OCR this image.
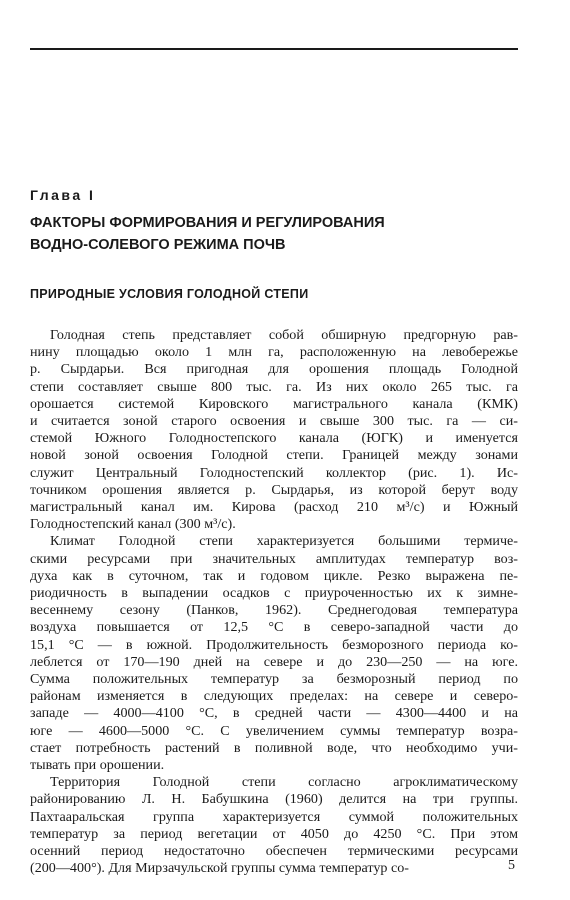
Глава I
ФАКТОРЫ ФОРМИРОВАНИЯ И РЕГУЛИРОВАНИЯ
ВОДНО-СОЛЕВОГО РЕЖИМА ПОЧВ
ПРИРОДНЫЕ УСЛОВИЯ ГОЛОДНОЙ СТЕПИ
Голодная степь представляет собой обширную предгорную рав-
нину площадью около 1 млн га, расположенную на левобережье
р. Сырдарьи. Вся пригодная для орошения площадь Голодной
степи составляет свыше 800 тыс. га. Из них около 265 тыс. га
орошается системой Кировского магистрального канала (КМК)
и считается зоной старого освоения и свыше 300 тыс. га — си-
стемой Южного Голодностепского канала (ЮГК) и именуется
новой зоной освоения Голодной степи. Границей между зонами
служит Центральный Голодностепский коллектор (рис. 1). Ис-
точником орошения является р. Сырдарья, из которой берут воду
магистральный канал им. Кирова (расход 210 м³/с) и Южный
Голодностепский канал (300 м³/с).
Климат Голодной степи характеризуется большими термиче-
скими ресурсами при значительных амплитудах температур воз-
духа как в суточном, так и годовом цикле. Резко выражена пе-
риодичность в выпадении осадков с приуроченностью их к зимне-
весеннему сезону (Панков, 1962). Среднегодовая температура
воздуха повышается от 12,5 °С в северо-западной части до
15,1 °С — в южной. Продолжительность безморозного периода ко-
леблется от 170—190 дней на севере и до 230—250 — на юге.
Сумма положительных температур за безморозный период по
районам изменяется в следующих пределах: на севере и северо-
западе — 4000—4100 °С, в средней части — 4300—4400 и на
юге — 4600—5000 °С. С увеличением суммы температур возра-
стает потребность растений в поливной воде, что необходимо учи-
тывать при орошении.
Территория Голодной степи согласно агроклиматическому
районированию Л. Н. Бабушкина (1960) делится на три группы.
Пахтааральская группа характеризуется суммой положительных
температур за период вегетации от 4050 до 4250 °С. При этом
осенний период недостаточно обеспечен термическими ресурсами
(200—400°). Для Мирзачульской группы сумма температур со-	5
